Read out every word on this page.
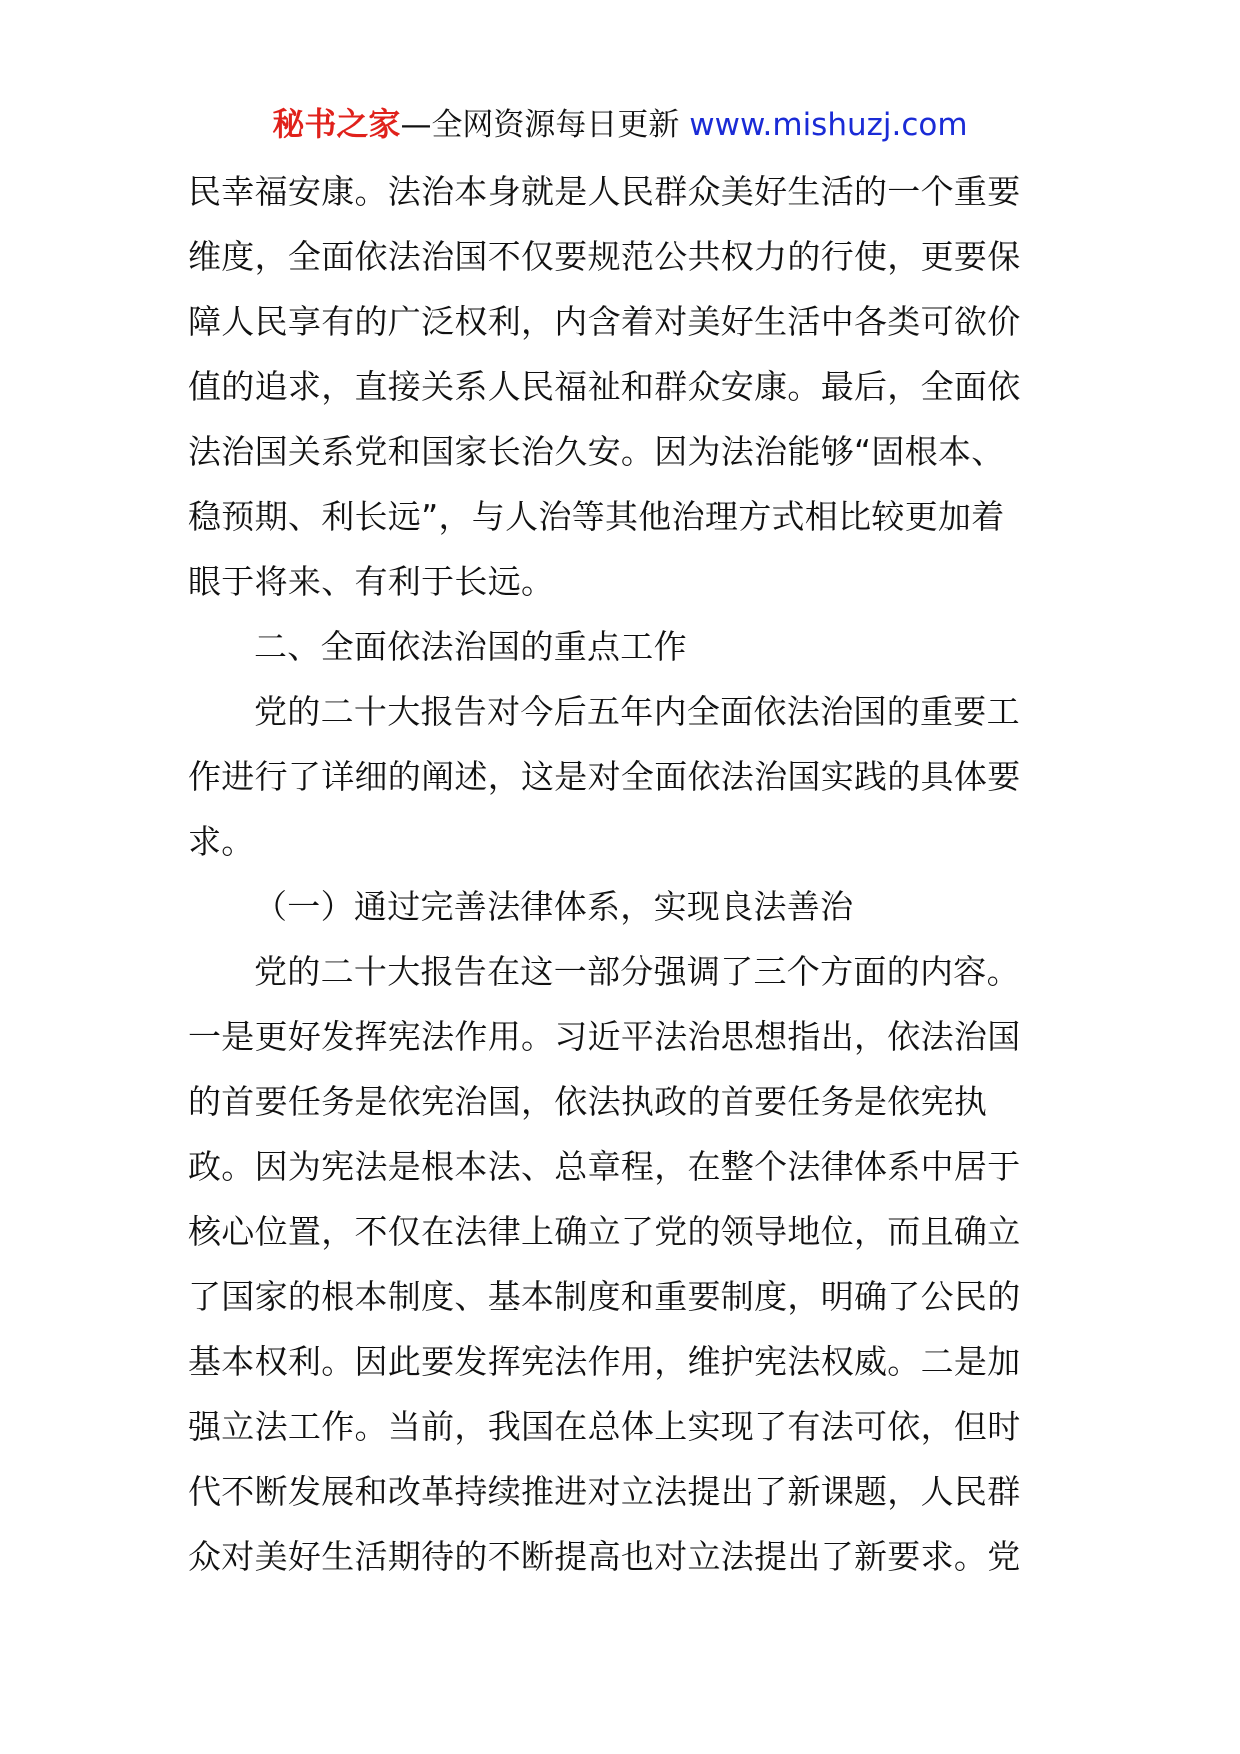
秘书之家—全网资源每日更新 www.mishuzj.com
民幸福安康。法治本身就是人民群众美好生活的一个重要
维度，全面依法治国不仅要规范公共权力的行使，更要保
障人民享有的广泛权利，内含着对美好生活中各类可欲价
值的追求，直接关系人民福祉和群众安康。最后，全面依
法治国关系党和国家长治久安。因为法治能够“固根本、
稳预期、利长远”，与人治等其他治理方式相比较更加着
眼于将来、有利于长远。
二、全面依法治国的重点工作
党的二十大报告对今后五年内全面依法治国的重要工
作进行了详细的阐述，这是对全面依法治国实践的具体要
求。
（一）通过完善法律体系，实现良法善治
党的二十大报告在这一部分强调了三个方面的内容。
一是更好发挥宪法作用。习近平法治思想指出，依法治国
的首要任务是依宪治国，依法执政的首要任务是依宪执
政。因为宪法是根本法、总章程，在整个法律体系中居于
核心位置，不仅在法律上确立了党的领导地位，而且确立
了国家的根本制度、基本制度和重要制度，明确了公民的
基本权利。因此要发挥宪法作用，维护宪法权威。二是加
强立法工作。当前，我国在总体上实现了有法可依，但时
代不断发展和改革持续推进对立法提出了新课题，人民群
众对美好生活期待的不断提高也对立法提出了新要求。党
